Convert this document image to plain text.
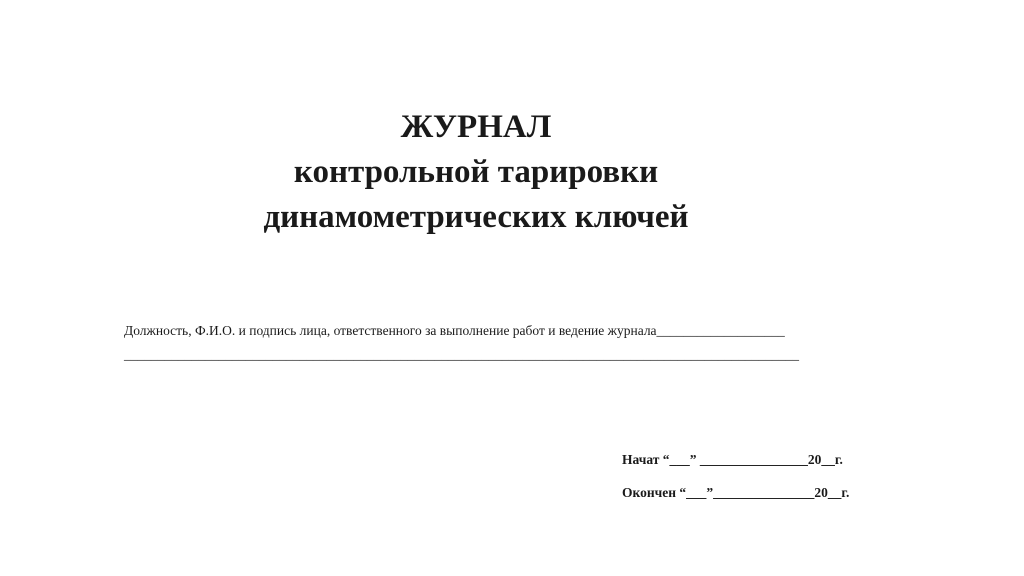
ЖУРНАЛ
контрольной тарировки
динамометрических ключей
Должность, Ф.И.О. и подпись лица, ответственного за выполнение работ и ведение журнала___________________
____________________________________________________________________________________________________
Начат “___” ________________20__г.
Окончен “___”_______________20__г.
